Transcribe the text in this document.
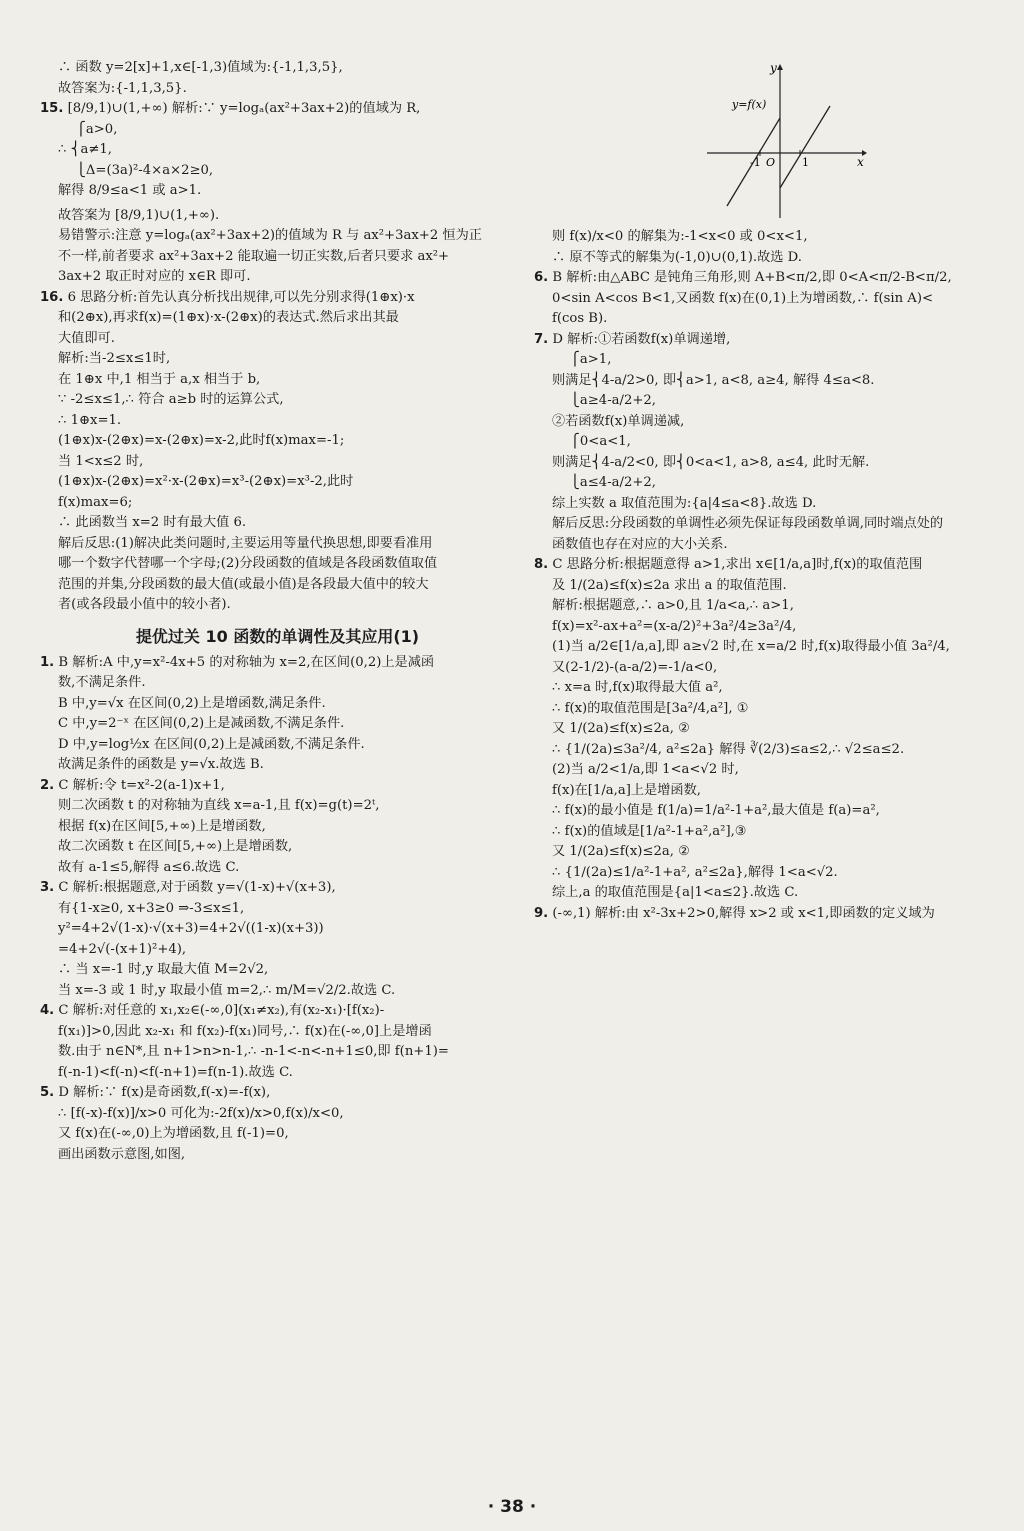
∴ 函数 y=2[x]+1,x∈[-1,3)值域为:{-1,1,3,5},
故答案为:{-1,1,3,5}.
15. [8/9,1)∪(1,+∞) 解析:∵ y=logₐ(ax²+3ax+2)的值域为 R,
⎧a>0,
∴ ⎨a≠1,
⎩Δ=(3a)²-4×a×2≥0,
解得 8/9≤a<1 或 a>1.
故答案为 [8/9,1)∪(1,+∞).
易错警示:注意 y=logₐ(ax²+3ax+2)的值域为 R 与 ax²+3ax+2 恒为正
不一样,前者要求 ax²+3ax+2 能取遍一切正实数,后者只要求 ax²+
3ax+2 取正时对应的 x∈R 即可.
16. 6 思路分析:首先认真分析找出规律,可以先分别求得(1⊕x)·x
和(2⊕x),再求f(x)=(1⊕x)·x-(2⊕x)的表达式.然后求出其最
大值即可.
解析:当-2≤x≤1时,
在 1⊕x 中,1 相当于 a,x 相当于 b,
∵ -2≤x≤1,∴ 符合 a≥b 时的运算公式,
∴ 1⊕x=1.
(1⊕x)x-(2⊕x)=x-(2⊕x)=x-2,此时f(x)max=-1;
当 1<x≤2 时,
(1⊕x)x-(2⊕x)=x²·x-(2⊕x)=x³-(2⊕x)=x³-2,此时
f(x)max=6;
∴ 此函数当 x=2 时有最大值 6.
解后反思:(1)解决此类问题时,主要运用等量代换思想,即要看准用
哪一个数字代替哪一个字母;(2)分段函数的值域是各段函数值取值
范围的并集,分段函数的最大值(或最小值)是各段最大值中的较大
者(或各段最小值中的较小者).
提优过关 10 函数的单调性及其应用(1)
1. B 解析:A 中,y=x²-4x+5 的对称轴为 x=2,在区间(0,2)上是减函
数,不满足条件.
B 中,y=√x 在区间(0,2)上是增函数,满足条件.
C 中,y=2⁻ˣ 在区间(0,2)上是减函数,不满足条件.
D 中,y=log½x 在区间(0,2)上是减函数,不满足条件.
故满足条件的函数是 y=√x.故选 B.
2. C 解析:令 t=x²-2(a-1)x+1,
则二次函数 t 的对称轴为直线 x=a-1,且 f(x)=g(t)=2ᵗ,
根据 f(x)在区间[5,+∞)上是增函数,
故二次函数 t 在区间[5,+∞)上是增函数,
故有 a-1≤5,解得 a≤6.故选 C.
3. C 解析:根据题意,对于函数 y=√(1-x)+√(x+3),
有{1-x≥0, x+3≥0 ⇒-3≤x≤1,
y²=4+2√(1-x)·√(x+3)=4+2√((1-x)(x+3))
=4+2√(-(x+1)²+4),
∴ 当 x=-1 时,y 取最大值 M=2√2,
当 x=-3 或 1 时,y 取最小值 m=2,∴ m/M=√2/2.故选 C.
4. C 解析:对任意的 x₁,x₂∈(-∞,0](x₁≠x₂),有(x₂-x₁)·[f(x₂)-
f(x₁)]>0,因此 x₂-x₁ 和 f(x₂)-f(x₁)同号,∴ f(x)在(-∞,0]上是增函
数.由于 n∈N*,且 n+1>n>n-1,∴ -n-1<-n<-n+1≤0,即 f(n+1)=
f(-n-1)<f(-n)<f(-n+1)=f(n-1).故选 C.
5. D 解析:∵ f(x)是奇函数,f(-x)=-f(x),
∴ [f(-x)-f(x)]/x>0 可化为:-2f(x)/x>0,f(x)/x<0,
又 f(x)在(-∞,0)上为增函数,且 f(-1)=0,
画出函数示意图,如图,
y
x
y=f(x)
-1 O 1
则 f(x)/x<0 的解集为:-1<x<0 或 0<x<1,
∴ 原不等式的解集为(-1,0)∪(0,1).故选 D.
6. B 解析:由△ABC 是钝角三角形,则 A+B<π/2,即 0<A<π/2-B<π/2,
0<sin A<cos B<1,又函数 f(x)在(0,1)上为增函数,∴ f(sin A)<
f(cos B).
7. D 解析:①若函数f(x)单调递增,
⎧a>1,
则满足⎨4-a/2>0, 即⎨a>1, a<8, a≥4, 解得 4≤a<8.
⎩a≥4-a/2+2,
②若函数f(x)单调递减,
⎧0<a<1,
则满足⎨4-a/2<0, 即⎨0<a<1, a>8, a≤4, 此时无解.
⎩a≤4-a/2+2,
综上实数 a 取值范围为:{a|4≤a<8}.故选 D.
解后反思:分段函数的单调性必须先保证每段函数单调,同时端点处的
函数值也存在对应的大小关系.
8. C 思路分析:根据题意得 a>1,求出 x∈[1/a,a]时,f(x)的取值范围
及 1/(2a)≤f(x)≤2a 求出 a 的取值范围.
解析:根据题意,∴ a>0,且 1/a<a,∴ a>1,
f(x)=x²-ax+a²=(x-a/2)²+3a²/4≥3a²/4,
(1)当 a/2∈[1/a,a],即 a≥√2 时,在 x=a/2 时,f(x)取得最小值 3a²/4,
又(2-1/2)-(a-a/2)=-1/a<0,
∴ x=a 时,f(x)取得最大值 a²,
∴ f(x)的取值范围是[3a²/4,a²], ①
又 1/(2a)≤f(x)≤2a, ②
∴ {1/(2a)≤3a²/4, a²≤2a} 解得 ∛(2/3)≤a≤2,∴ √2≤a≤2.
(2)当 a/2<1/a,即 1<a<√2 时,
f(x)在[1/a,a]上是增函数,
∴ f(x)的最小值是 f(1/a)=1/a²-1+a²,最大值是 f(a)=a²,
∴ f(x)的值域是[1/a²-1+a²,a²],③
又 1/(2a)≤f(x)≤2a, ②
∴ {1/(2a)≤1/a²-1+a², a²≤2a},解得 1<a<√2.
综上,a 的取值范围是{a|1<a≤2}.故选 C.
9. (-∞,1) 解析:由 x²-3x+2>0,解得 x>2 或 x<1,即函数的定义域为
· 38 ·
